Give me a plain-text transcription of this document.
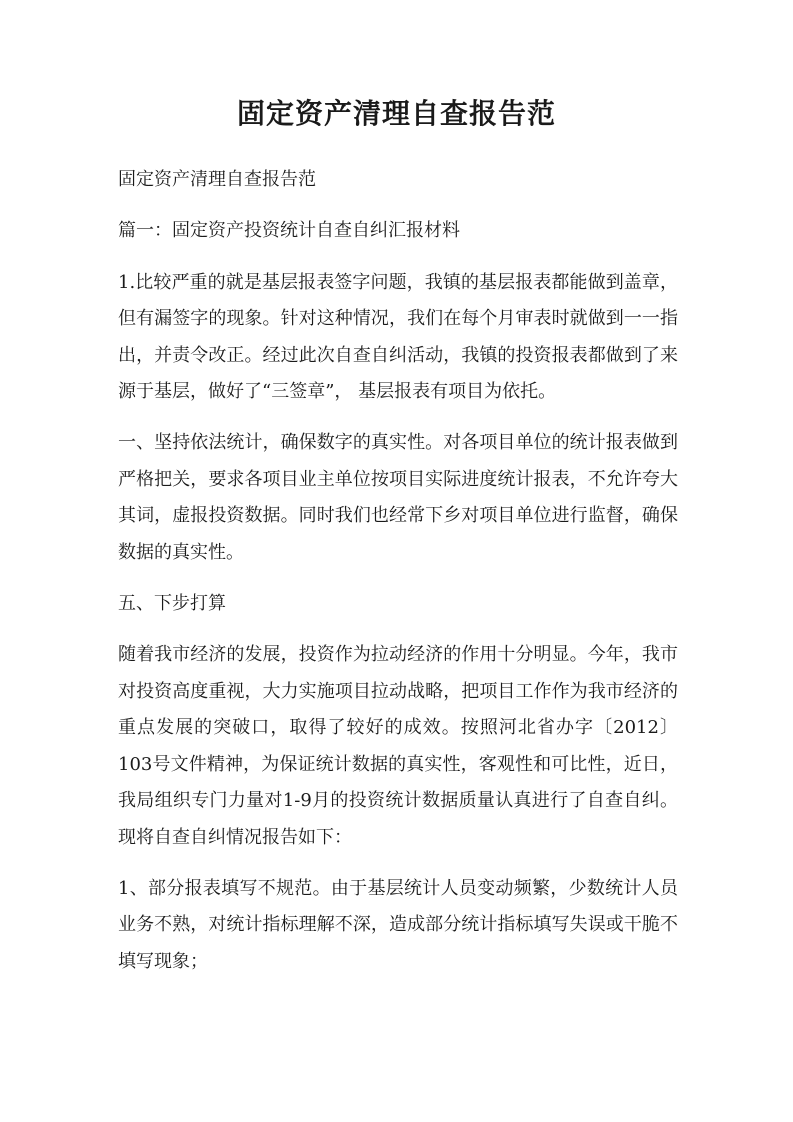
固定资产清理自查报告范

固定资产清理自查报告范

篇一：固定资产投资统计自查自纠汇报材料

1.比较严重的就是基层报表签字问题，我镇的基层报表都能做到盖章，但有漏签字的现象。针对这种情况，我们在每个月审表时就做到一一指出，并责令改正。经过此次自查自纠活动，我镇的投资报表都做到了来源于基层，做好了“三签章”， 基层报表有项目为依托。

一、坚持依法统计，确保数字的真实性。对各项目单位的统计报表做到严格把关，要求各项目业主单位按项目实际进度统计报表，不允许夸大其词，虚报投资数据。同时我们也经常下乡对项目单位进行监督，确保数据的真实性。

五、下步打算

随着我市经济的发展，投资作为拉动经济的作用十分明显。今年，我市对投资高度重视，大力实施项目拉动战略，把项目工作作为我市经济的重点发展的突破口，取得了较好的成效。按照河北省办字〔2012〕103号文件精神，为保证统计数据的真实性，客观性和可比性，近日，我局组织专门力量对1-9月的投资统计数据质量认真进行了自查自纠。现将自查自纠情况报告如下：

1、部分报表填写不规范。由于基层统计人员变动频繁，少数统计人员业务不熟，对统计指标理解不深，造成部分统计指标填写失误或干脆不填写现象；
